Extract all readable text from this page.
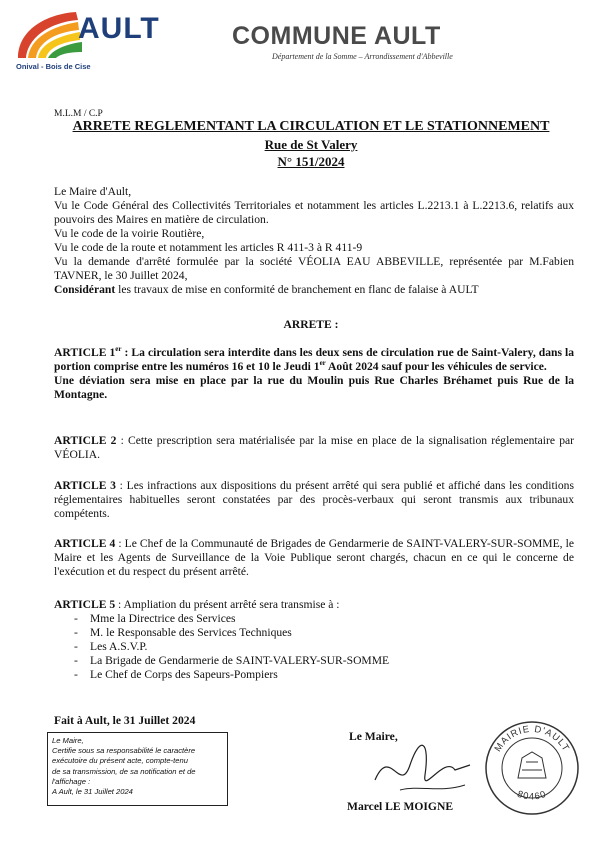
AULT
Onival - Bois de Cise
COMMUNE AULT
Département de la Somme – Arrondissement d'Abbeville
M.L.M / C.P
ARRETE REGLEMENTANT LA CIRCULATION ET LE STATIONNEMENT
Rue de St Valery
N° 151/2024
Le Maire d'Ault,
Vu le Code Général des Collectivités Territoriales et notamment les articles L.2213.1 à L.2213.6, relatifs aux pouvoirs des Maires en matière de circulation.
Vu le code de la voirie Routière,
Vu le code de la route et notamment les articles R 411-3 à R 411-9
Vu la demande d'arrêté formulée par la société VÉOLIA EAU ABBEVILLE, représentée par M.Fabien TAVNER, le 30 Juillet 2024,
Considérant les travaux de mise en conformité de branchement en flanc de falaise à AULT
ARRETE :
ARTICLE 1er : La circulation sera interdite dans les deux sens de circulation rue de Saint-Valery, dans la portion comprise entre les numéros 16 et 10 le Jeudi 1er Août 2024 sauf pour les véhicules de service.
Une déviation sera mise en place par la rue du Moulin puis Rue Charles Bréhamet puis Rue de la Montagne.
ARTICLE 2 : Cette prescription sera matérialisée par la mise en place de la signalisation réglementaire par VÉOLIA.
ARTICLE 3 : Les infractions aux dispositions du présent arrêté qui sera publié et affiché dans les conditions réglementaires habituelles seront constatées par des procès-verbaux qui seront transmis aux tribunaux compétents.
ARTICLE 4 : Le Chef de la Communauté de Brigades de Gendarmerie de SAINT-VALERY-SUR-SOMME, le Maire et les Agents de Surveillance de la Voie Publique seront chargés, chacun en ce qui le concerne de l'exécution et du respect du présent arrêté.
ARTICLE 5 : Ampliation du présent arrêté sera transmise à :
- Mme la Directrice des Services
- M. le Responsable des Services Techniques
- Les A.S.V.P.
- La Brigade de Gendarmerie de SAINT-VALERY-SUR-SOMME
- Le Chef de Corps des Sapeurs-Pompiers
Fait à Ault, le 31 Juillet 2024
Le Maire,
Certifie sous sa responsabilité le caractère
exécutoire du présent acte, compte-tenu
de sa transmission, de sa notification et de
l'affichage :
A Ault, le 31 Juillet 2024
Le Maire,
Marcel LE MOIGNE
MAIRIE D'AULT
80460
